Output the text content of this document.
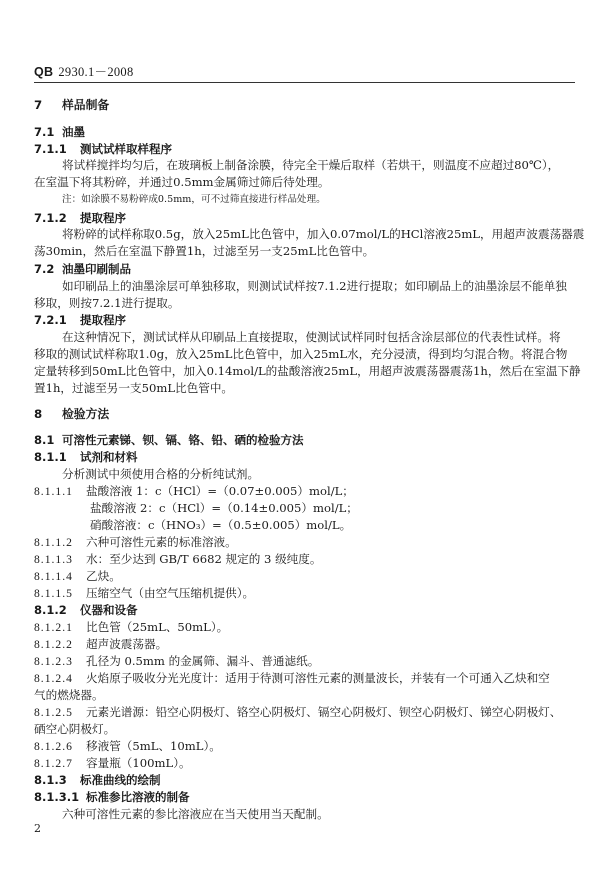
QB 2930.1－2008
7 样品制备
7.1 油墨
7.1.1 测试试样取样程序
将试样搅拌均匀后，在玻璃板上制备涂膜，待完全干燥后取样（若烘干，则温度不应超过80℃），
在室温下将其粉碎，并通过0.5mm金属筛过筛后待处理。
注：如涂膜不易粉碎成0.5mm，可不过筛直接进行样品处理。
7.1.2 提取程序
将粉碎的试样称取0.5g，放入25mL比色管中，加入0.07mol/L的HCl溶液25mL，用超声波震荡器震
荡30min，然后在室温下静置1h，过滤至另一支25mL比色管中。
7.2 油墨印刷制品
如印刷品上的油墨涂层可单独移取，则测试试样按7.1.2进行提取；如印刷品上的油墨涂层不能单独
移取，则按7.2.1进行提取。
7.2.1 提取程序
在这种情况下，测试试样从印刷品上直接提取，使测试试样同时包括含涂层部位的代表性试样。将
移取的测试试样称取1.0g，放入25mL比色管中，加入25mL水，充分浸渍，得到均匀混合物。将混合物
定量转移到50mL比色管中，加入0.14mol/L的盐酸溶液25mL，用超声波震荡器震荡1h，然后在室温下静
置1h，过滤至另一支50mL比色管中。
8 检验方法
8.1 可溶性元素锑、钡、镉、铬、铅、硒的检验方法
8.1.1 试剂和材料
分析测试中须使用合格的分析纯试剂。
8.1.1.1 盐酸溶液 1：c（HCl）=（0.07±0.005）mol/L；
盐酸溶液 2：c（HCl）=（0.14±0.005）mol/L；
硝酸溶液：c（HNO₃）=（0.5±0.005）mol/L。
8.1.1.2 六种可溶性元素的标准溶液。
8.1.1.3 水：至少达到 GB/T 6682 规定的 3 级纯度。
8.1.1.4 乙炔。
8.1.1.5 压缩空气（由空气压缩机提供）。
8.1.2 仪器和设备
8.1.2.1 比色管（25mL、50mL）。
8.1.2.2 超声波震荡器。
8.1.2.3 孔径为 0.5mm 的金属筛、漏斗、普通滤纸。
8.1.2.4 火焰原子吸收分光光度计：适用于待测可溶性元素的测量波长，并装有一个可通入乙炔和空
气的燃烧器。
8.1.2.5 元素光谱源：铅空心阴极灯、铬空心阴极灯、镉空心阴极灯、钡空心阴极灯、锑空心阴极灯、
硒空心阴极灯。
8.1.2.6 移液管（5mL、10mL）。
8.1.2.7 容量瓶（100mL）。
8.1.3 标准曲线的绘制
8.1.3.1 标准参比溶液的制备
六种可溶性元素的参比溶液应在当天使用当天配制。
2
